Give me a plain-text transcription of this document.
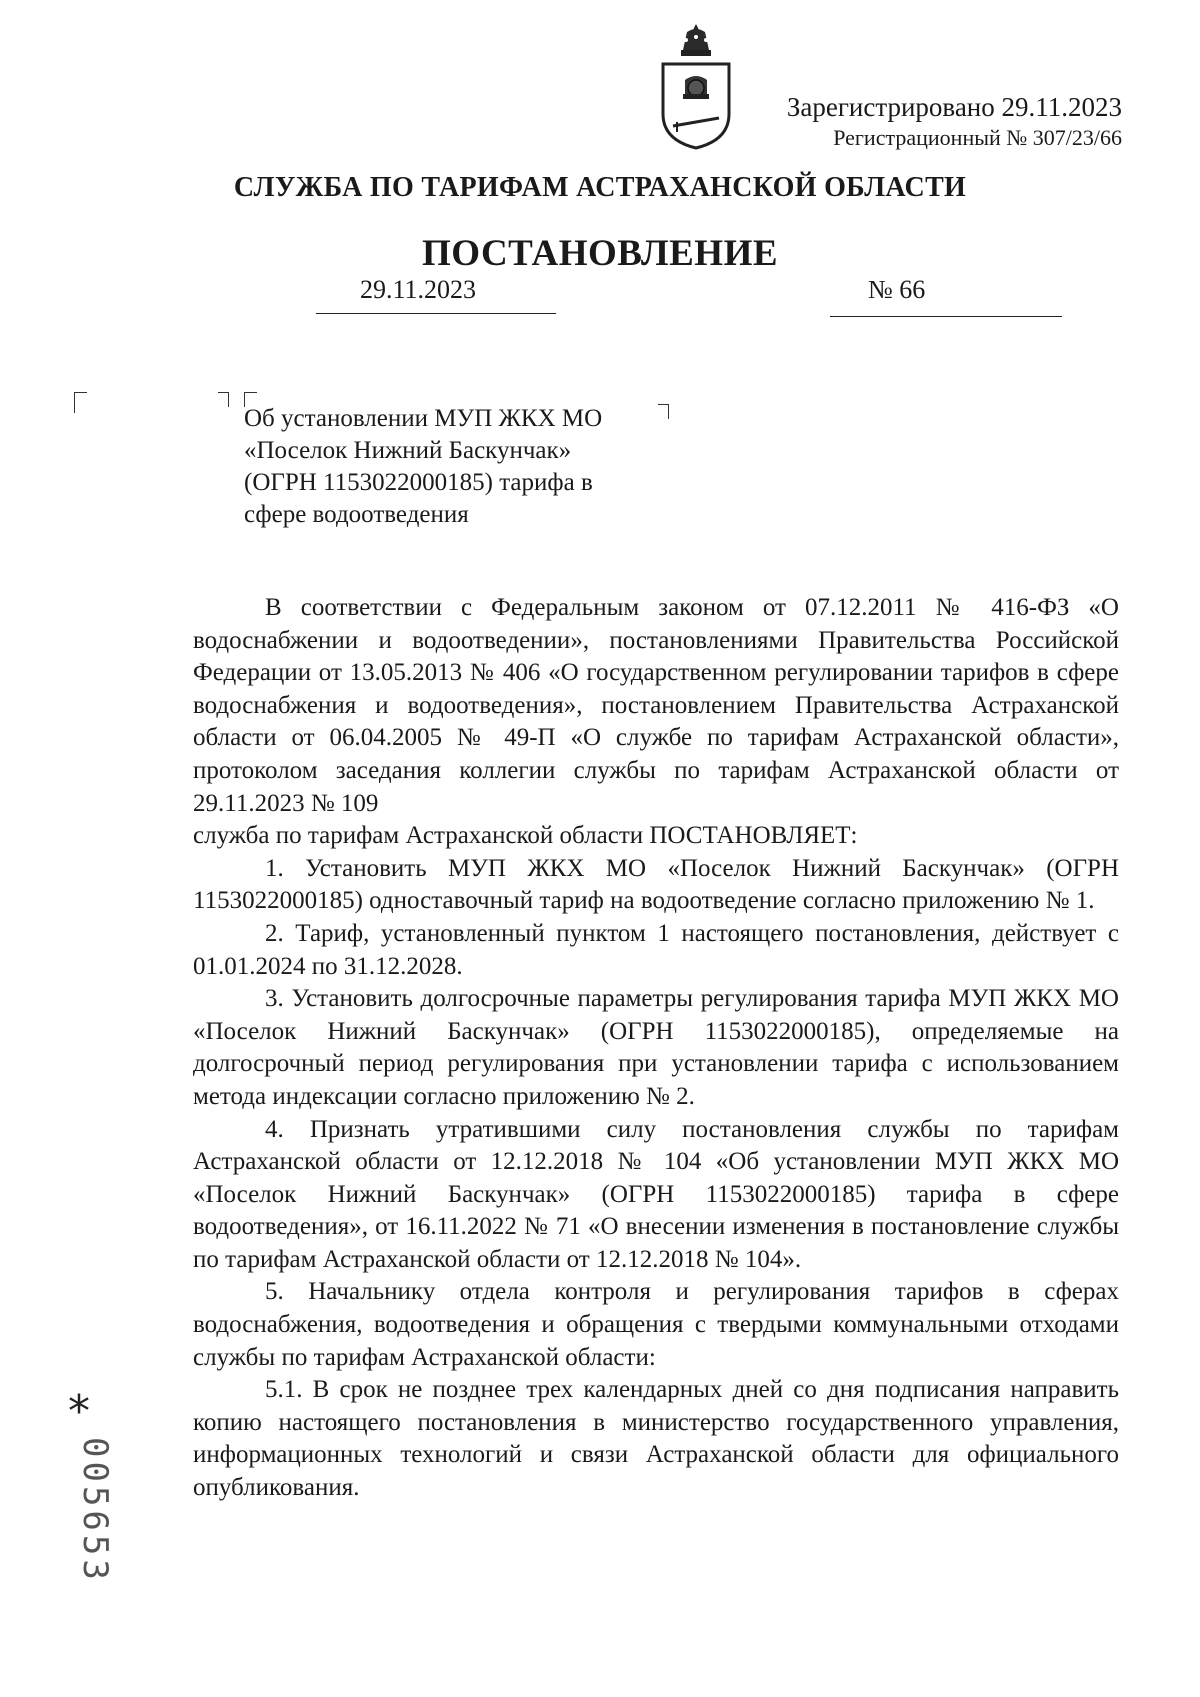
Зарегистрировано 29.11.2023
Регистрационный № 307/23/66
СЛУЖБА ПО ТАРИФАМ АСТРАХАНСКОЙ ОБЛАСТИ
ПОСТАНОВЛЕНИЕ
29.11.2023	№ 66
Об установлении МУП ЖКХ МО
«Поселок Нижний Баскунчак»
(ОГРН 1153022000185) тарифа в
сфере водоотведения

В соответствии с Федеральным законом от 07.12.2011 № 416-ФЗ «О водоснабжении и водоотведении», постановлениями Правительства Российской Федерации от 13.05.2013 № 406 «О государственном регулировании тарифов в сфере водоснабжения и водоотведения», постановлением Правительства Астраханской области от 06.04.2005 № 49-П «О службе по тарифам Астраханской области», протоколом заседания коллегии службы по тарифам Астраханской области от 29.11.2023 № 109

служба по тарифам Астраханской области ПОСТАНОВЛЯЕТ:

1. Установить МУП ЖКХ МО «Поселок Нижний Баскунчак» (ОГРН 1153022000185) одноставочный тариф на водоотведение согласно приложению № 1.

2. Тариф, установленный пунктом 1 настоящего постановления, действует с 01.01.2024 по 31.12.2028.

3. Установить долгосрочные параметры регулирования тарифа МУП ЖКХ МО «Поселок Нижний Баскунчак» (ОГРН 1153022000185), определяемые на долгосрочный период регулирования при установлении тарифа с использованием метода индексации согласно приложению № 2.

4. Признать утратившими силу постановления службы по тарифам Астраханской области от 12.12.2018 № 104 «Об установлении МУП ЖКХ МО «Поселок Нижний Баскунчак» (ОГРН 1153022000185) тарифа в сфере водоотведения», от 16.11.2022 № 71 «О внесении изменения в постановление службы по тарифам Астраханской области от 12.12.2018 № 104».

5. Начальнику отдела контроля и регулирования тарифов в сферах водоснабжения, водоотведения и обращения с твердыми коммунальными отходами службы по тарифам Астраханской области:

5.1. В срок не позднее трех календарных дней со дня подписания направить копию настоящего постановления в министерство государственного управления, информационных технологий и связи Астраханской области для официального опубликования.

*
005653
